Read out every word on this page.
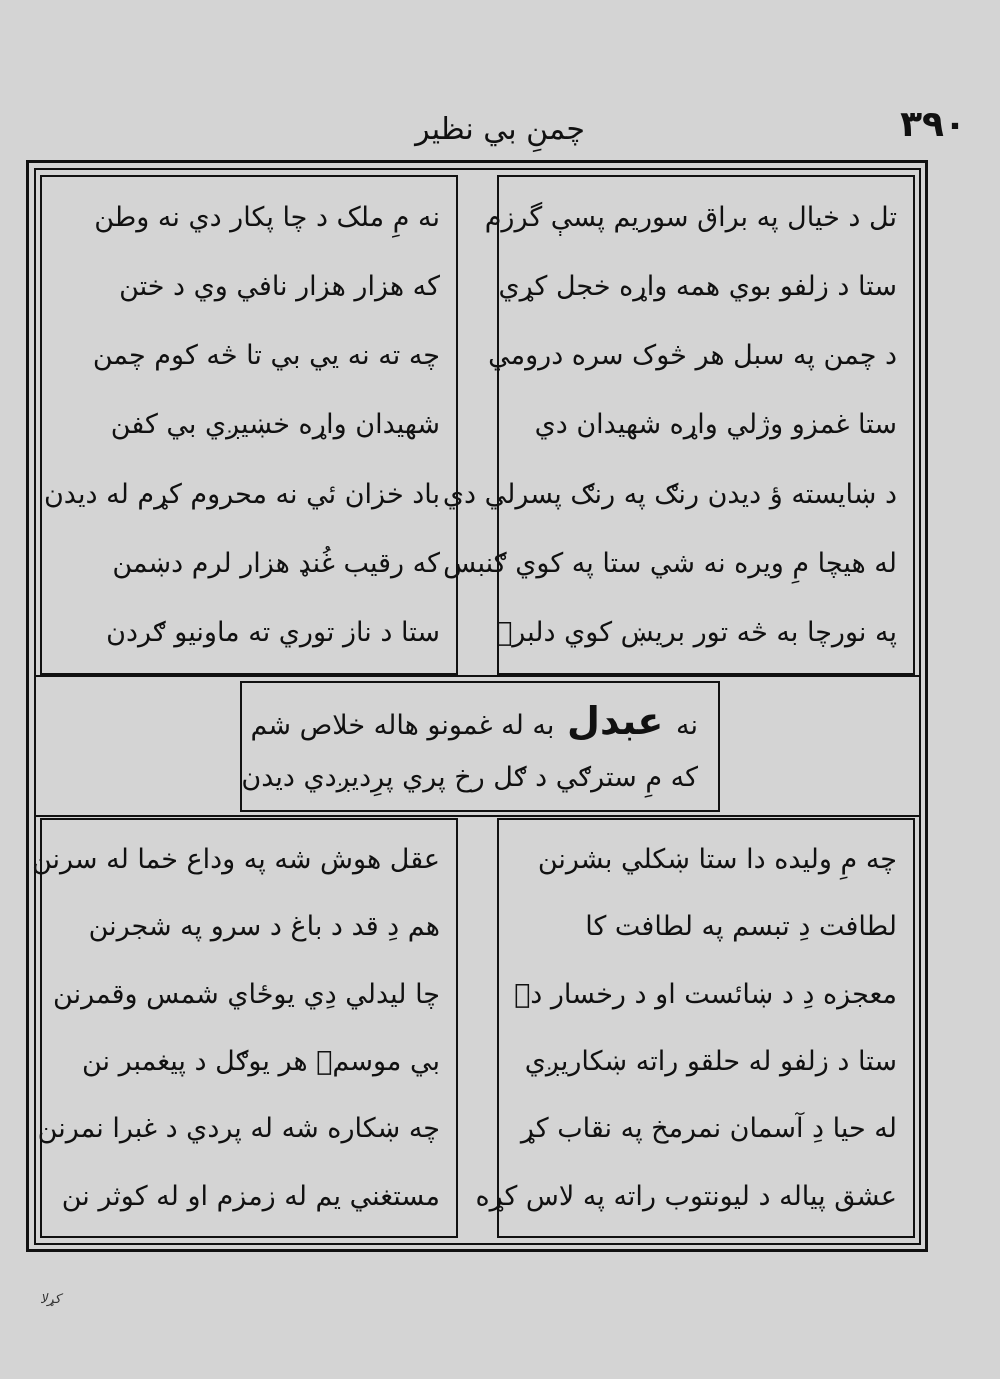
۳۹۰
چمنِ بي نظير
تل د خيال په براق سوريم پسې گرزم
ستا د زلفو بوي همه واړه خجل کړي
د چمن په سبل هر څوک سره درومي
ستا غمزو وژلي واړه شهيدان دي
د ښايسته ؤ ديدن رنګ په رنګ پسرلي دي
له هيچا مِ ويره نه شي ستا په کوي ګنبس
په نورچا به څه تور بريښ کوي دلبرٙ
نه مِ ملک د چا پکار دي نه وطن
که هزار هزار نافي وي د ختن
چه ته نه يي بي تا څه کوم چمن
شهيدان واړه خښيږي بي کفن
باد خزان ئي نه محروم کړم له ديدن
که رقيب غُنډ هزار لرم دښمن
ستا د ناز توري ته ماونيو ګردن
نه عبدل به له غمونو هاله خلاص شم
که مِ سترګي د ګل رخ پري پرِديږدي ديدن
چه مِ وليده دا ستا ښکلي بشرنن
لطافت دِ تبسم په لطافت کا
معجزه دِ د ښائست او د رخسار دٙ
ستا د زلفو له حلقو راته ښکاريږي
له حيا دِ آسمان نمرمخ په نقاب کړ
عشق پياله د ليونتوب راته په لاس کړه
عقل هوش شه په وداع خما له سرنن
هم دِ قد د باغ د سرو په شجرنن
چا ليدلي دِي يوځاي شمس وقمرنن
بي موسمٙ هر يوګل د پيغمبر نن
چه ښکاره شه له پردي د غبرا نمرنن
مستغني يم له زمزم او له کوثر نن
کړلا
